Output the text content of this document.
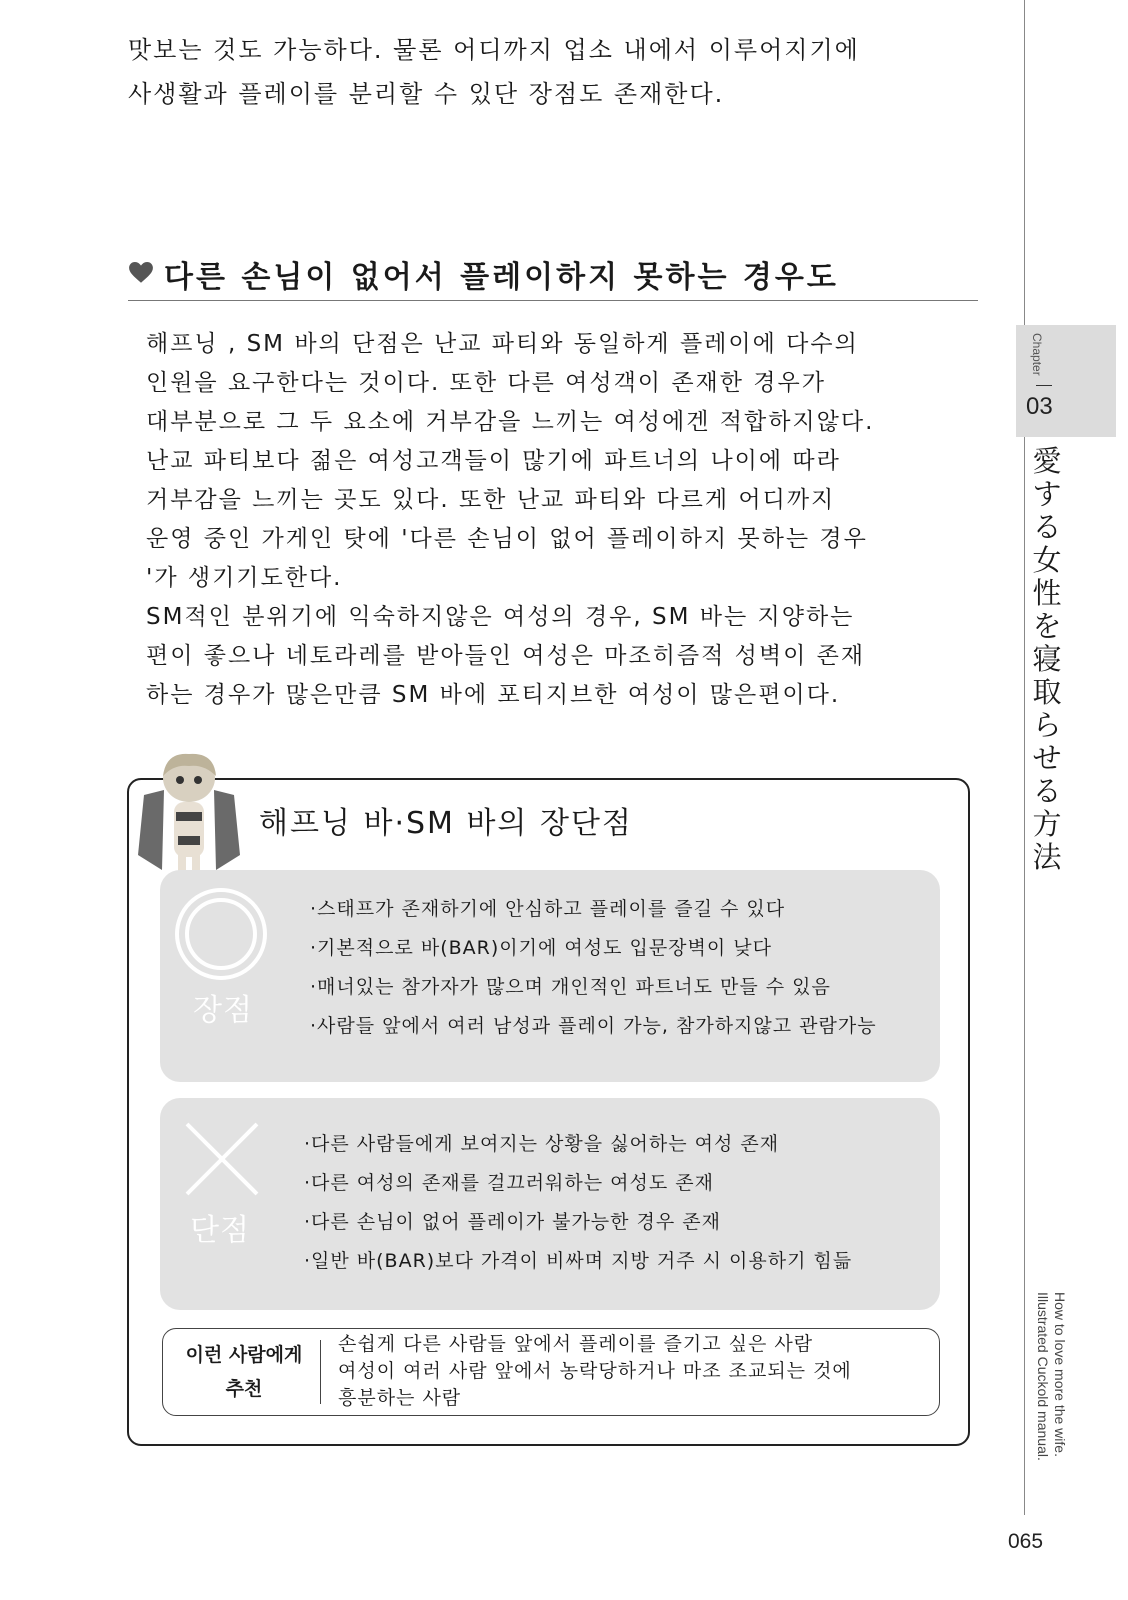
맛보는 것도 가능하다. 물론 어디까지 업소 내에서 이루어지기에

사생활과 플레이를 분리할 수 있단 장점도 존재한다.

다른 손님이 없어서 플레이하지 못하는 경우도

해프닝 , SM 바의 단점은 난교 파티와 동일하게 플레이에 다수의

인원을 요구한다는 것이다. 또한 다른 여성객이 존재한 경우가

대부분으로 그 두 요소에 거부감을 느끼는 여성에겐 적합하지않다.

난교 파티보다 젊은 여성고객들이 많기에 파트너의 나이에 따라

거부감을 느끼는 곳도 있다. 또한 난교 파티와 다르게 어디까지

운영 중인 가게인 탓에 '다른 손님이 없어 플레이하지 못하는 경우

'가 생기기도한다.

SM적인 분위기에 익숙하지않은 여성의 경우, SM 바는 지양하는

편이 좋으나 네토라레를 받아들인 여성은 마조히즘적 성벽이 존재

하는 경우가 많은만큼 SM 바에 포티지브한 여성이 많은편이다.

Chapter
03
愛
す
る
女
性
を
寝
取
ら
せ
る
方
法
How to love more the wife.
Illustrated Cuckold manual.
065
해프닝 바·SM 바의 장단점
장점
·스태프가 존재하기에 안심하고 플레이를 즐길 수 있다
·기본적으로 바(BAR)이기에 여성도 입문장벽이 낮다
·매너있는 참가자가 많으며 개인적인 파트너도 만들 수 있음
·사람들 앞에서 여러 남성과 플레이 가능, 참가하지않고 관람가능
단점
·다른 사람들에게 보여지는 상황을 싫어하는 여성 존재
·다른 여성의 존재를 걸끄러워하는 여성도 존재
·다른 손님이 없어 플레이가 불가능한 경우 존재
·일반 바(BAR)보다 가격이 비싸며 지방 거주 시 이용하기 힘듦
이런 사람에게
추천
손쉽게 다른 사람들 앞에서 플레이를 즐기고 싶은 사람
여성이 여러 사람 앞에서 농락당하거나 마조 조교되는 것에
흥분하는 사람
